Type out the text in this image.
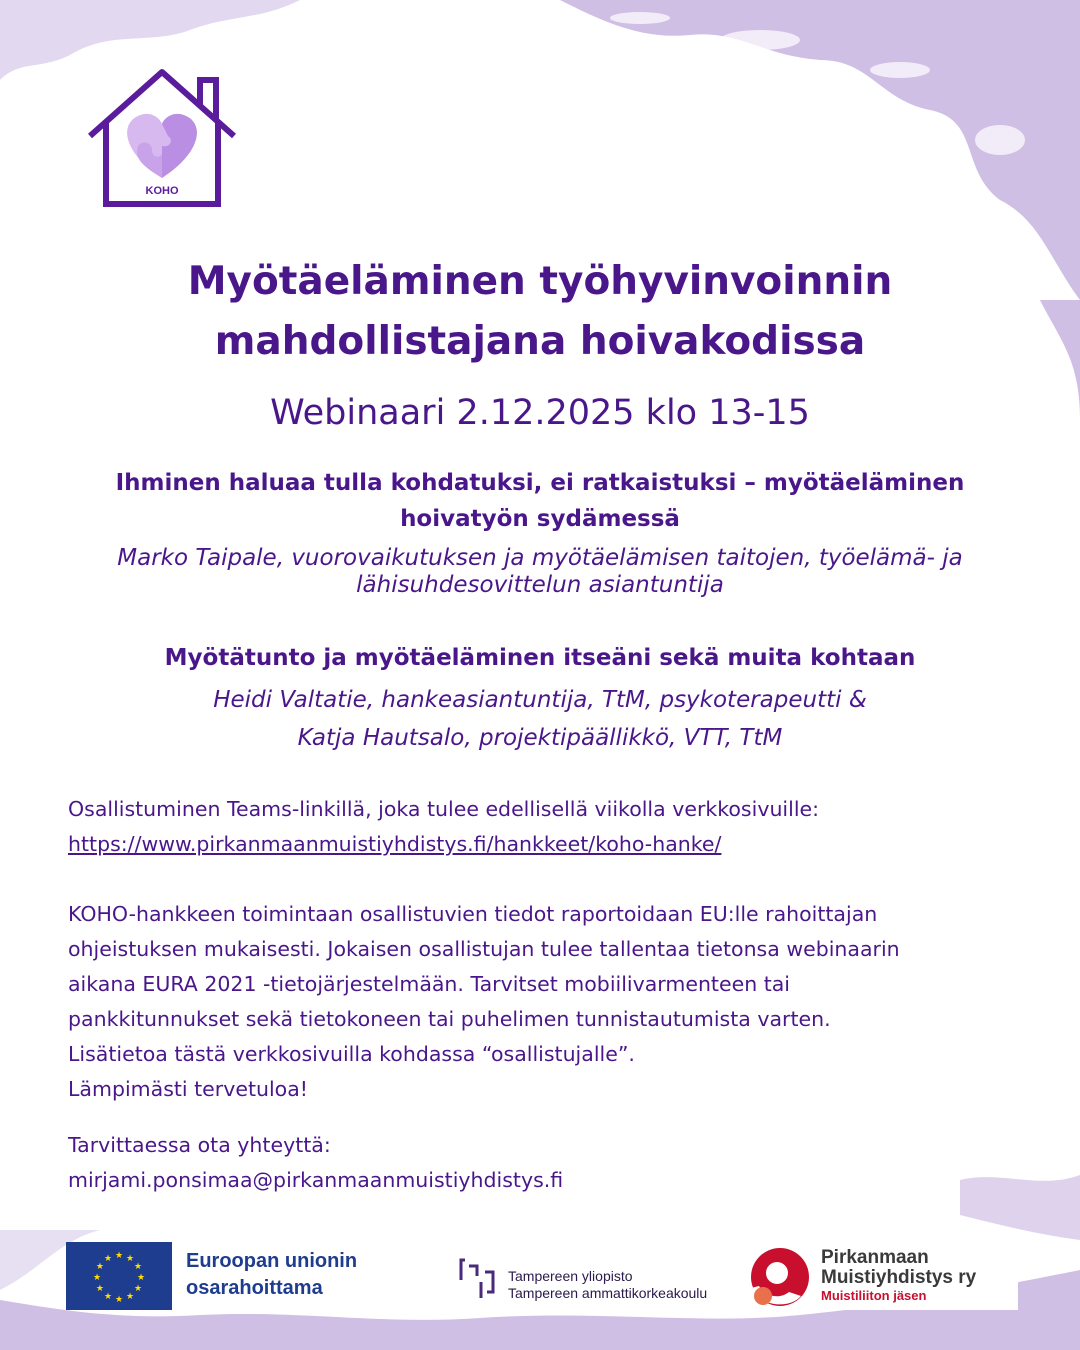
KOHO
Myötäeläminen työhyvinvoinnin
mahdollistajana hoivakodissa
Webinaari 2.12.2025 klo 13-15
Ihminen haluaa tulla kohdatuksi, ei ratkaistuksi – myötäeläminen
hoivatyön sydämessä
Marko Taipale, vuorovaikutuksen ja myötäelämisen taitojen, työelämä- ja
lähisuhdesovittelun asiantuntija
Myötätunto ja myötäeläminen itseäni sekä muita kohtaan
Heidi Valtatie, hankeasiantuntija, TtM, psykoterapeutti &
Katja Hautsalo, projektipäällikkö, VTT, TtM
Osallistuminen Teams-linkillä, joka tulee edellisellä viikolla verkkosivuille:
https://www.pirkanmaanmuistiyhdistys.fi/hankkeet/koho-hanke/
KOHO-hankkeen toimintaan osallistuvien tiedot raportoidaan EU:lle rahoittajan
ohjeistuksen mukaisesti. Jokaisen osallistujan tulee tallentaa tietonsa webinaarin
aikana EURA 2021 -tietojärjestelmään. Tarvitset mobiilivarmenteen tai
pankkitunnukset sekä tietokoneen tai puhelimen tunnistautumista varten.
Lisätietoa tästä verkkosivuilla kohdassa “osallistujalle”.
Lämpimästi tervetuloa!
Tarvittaessa ota yhteyttä:
mirjami.ponsimaa@pirkanmaanmuistiyhdistys.fi
★
★
★
★
★
★
★
★
★ ★ ★
★ Euroopan unionin
osarahoittama
Tampereen yliopisto
Tampereen ammattikorkeakoulu
Pirkanmaan
Muistiyhdistys ry
Muistiliiton jäsen
